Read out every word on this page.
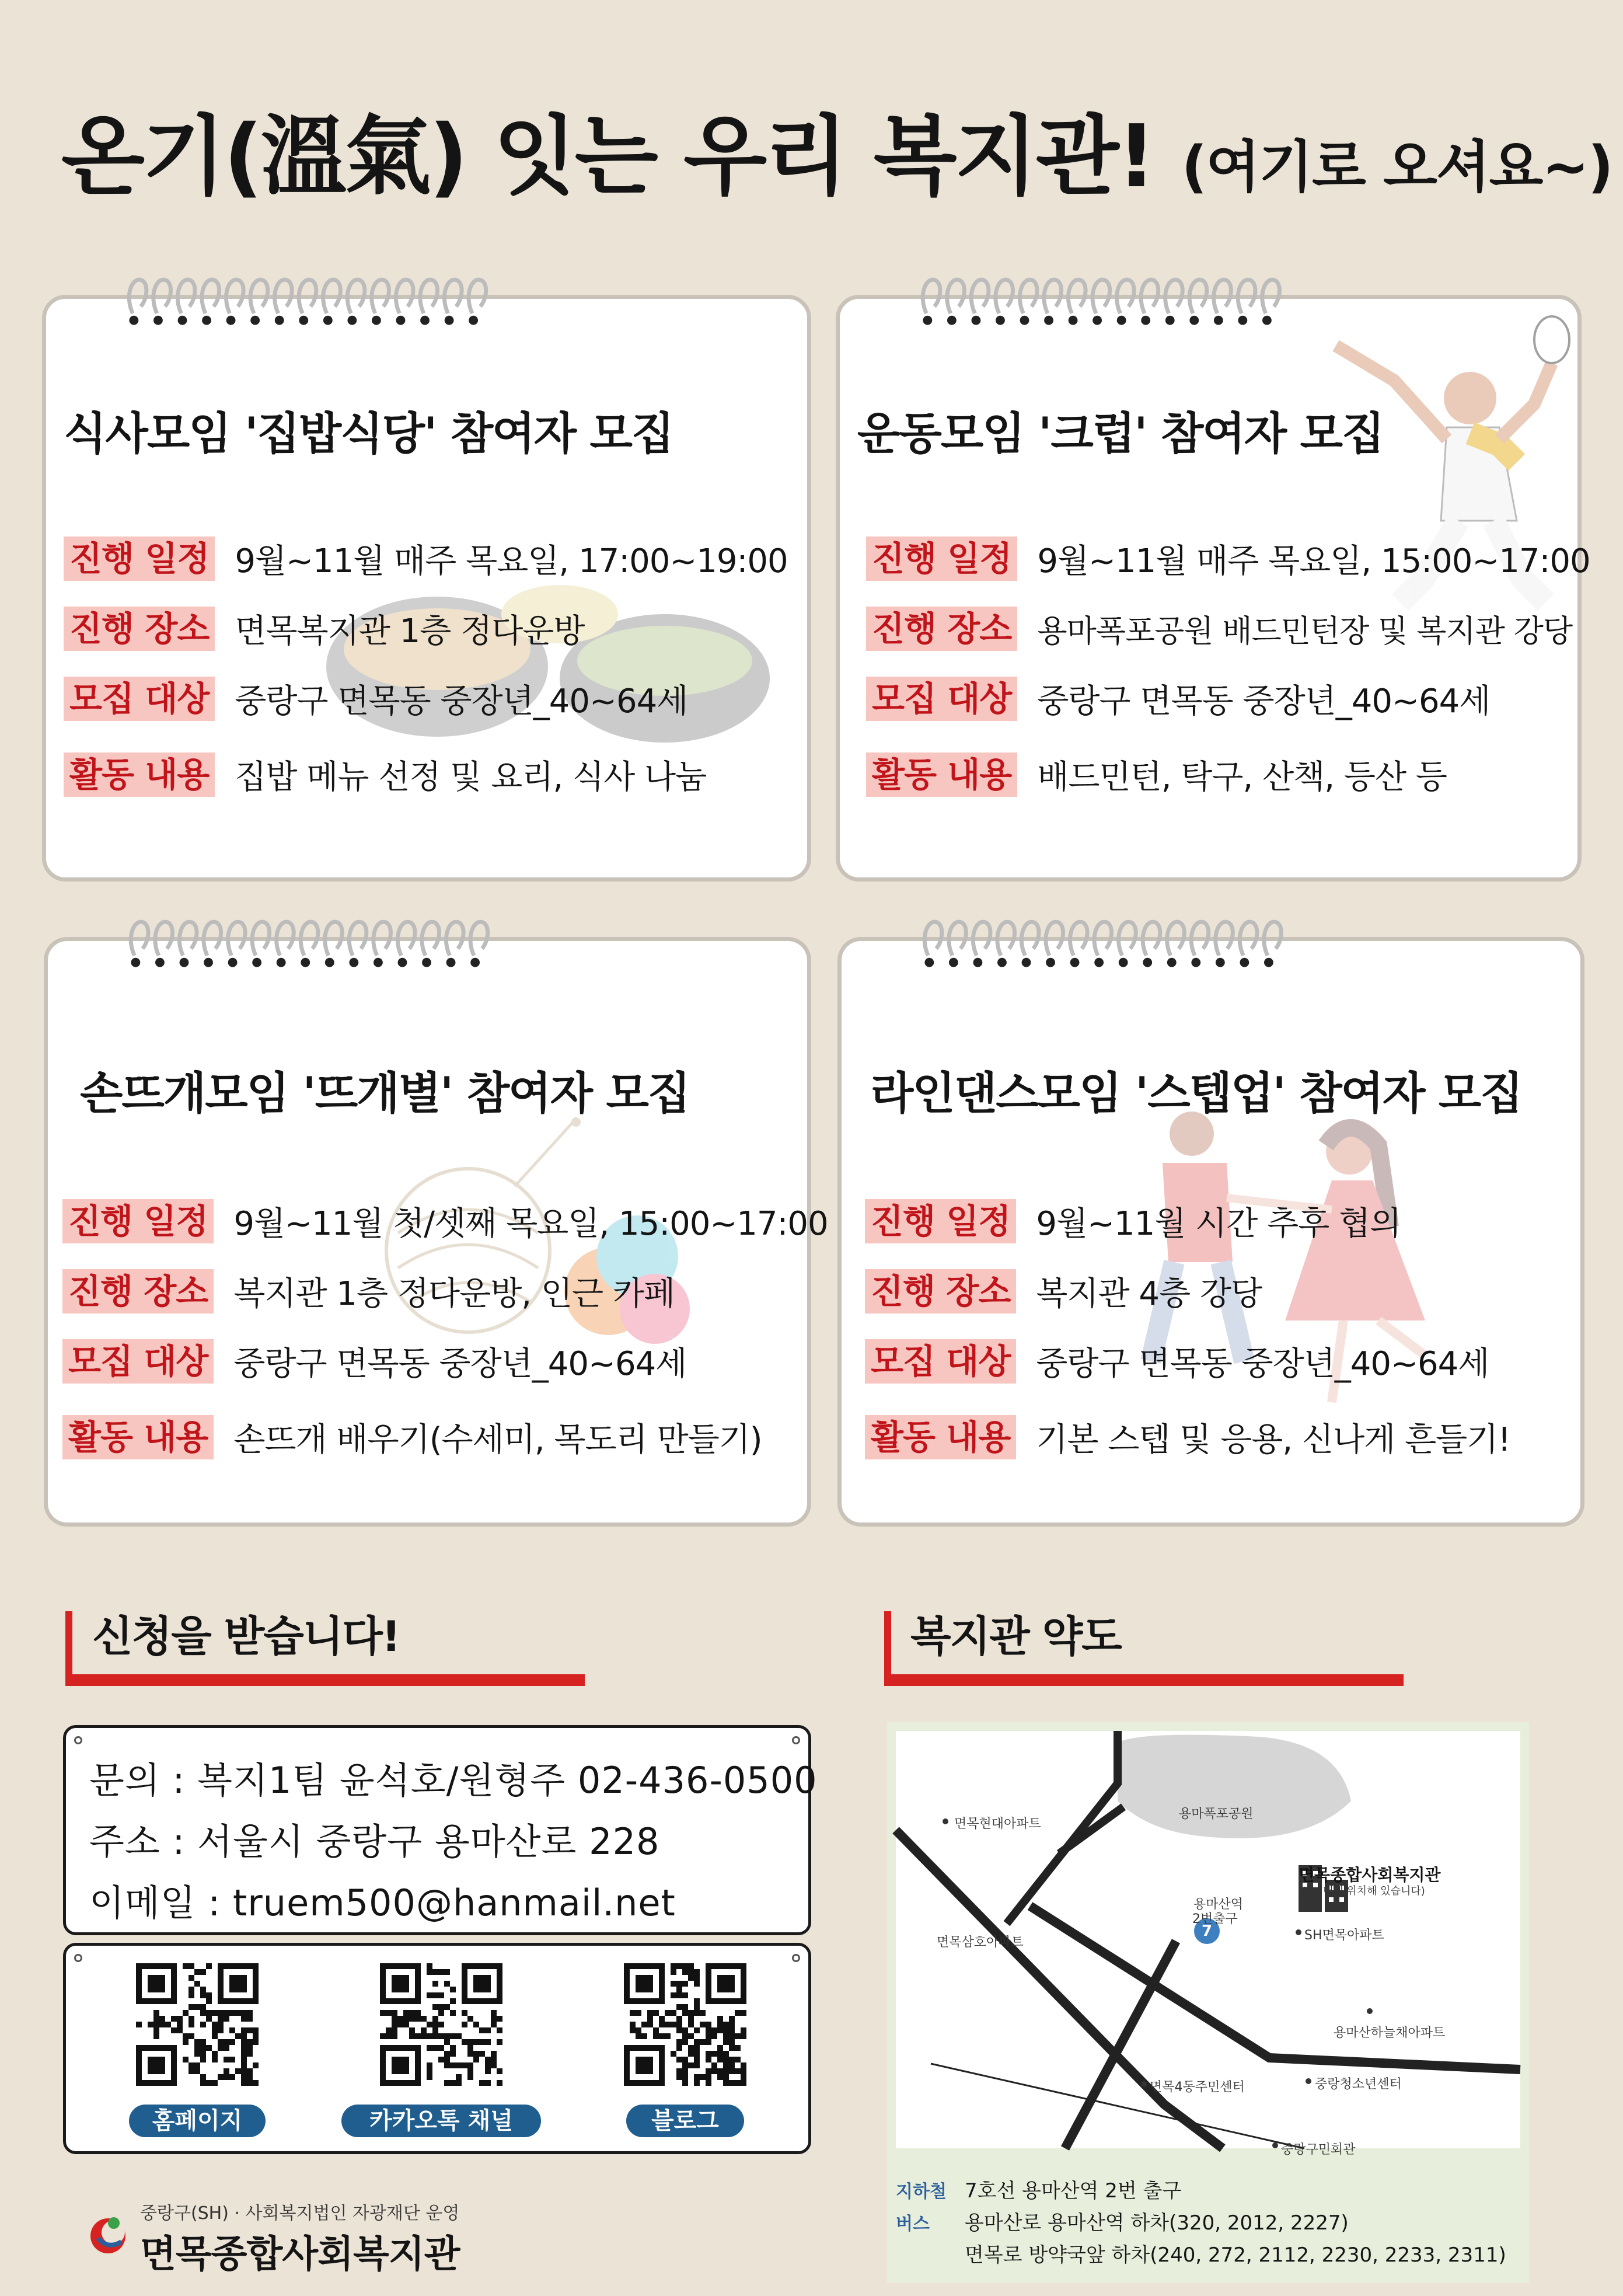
온기(溫氣) 잇는 우리 복지관! (여기로 오셔요~)
식사모임 '집밥식당' 참여자 모집
진행 일정 9월~11월 매주 목요일, 17:00~19:00
진행 장소 면목복지관 1층 정다운방
모집 대상 중랑구 면목동 중장년_40~64세
활동 내용 집밥 메뉴 선정 및 요리, 식사 나눔
운동모임 '크럽' 참여자 모집
진행 일정 9월~11월 매주 목요일, 15:00~17:00
진행 장소 용마폭포공원 배드민턴장 및 복지관 강당
모집 대상 중랑구 면목동 중장년_40~64세
활동 내용 배드민턴, 탁구, 산책, 등산 등
손뜨개모임 '뜨개별' 참여자 모집
진행 일정 9월~11월 첫/셋째 목요일, 15:00~17:00
진행 장소 복지관 1층 정다운방, 인근 카페
모집 대상 중랑구 면목동 중장년_40~64세
활동 내용 손뜨개 배우기(수세미, 목도리 만들기)
라인댄스모임 '스텝업' 참여자 모집
진행 일정 9월~11월 시간 추후 협의
진행 장소 복지관 4층 강당
모집 대상 중랑구 면목동 중장년_40~64세
활동 내용 기본 스텝 및 응용, 신나게 흔들기!
신청을 받습니다!
문의 : 복지1팀 윤석호/원형주 02-436-0500
주소 : 서울시 중랑구 용마산로 228
이메일 : truem500@hanmail.net
홈페이지	카카오톡 채널	블로그
복지관 약도
용마폭포공원
면목현대아파트
면목삼호아파트
면목종합사회복지관
(단지내에 위치해 있습니다)
용마산역
2번출구
7	SH면목아파트
용마산하늘채아파트
면목4동주민센터	중랑청소년센터
중랑구민회관
지하철 7호선 용마산역 2번 출구
버스 용마산로 용마산역 하차(320, 2012, 2227)
면목로 방약국앞 하차(240, 272, 2112, 2230, 2233, 2311)
중랑구(SH) · 사회복지법인 자광재단 운영
면목종합사회복지관
